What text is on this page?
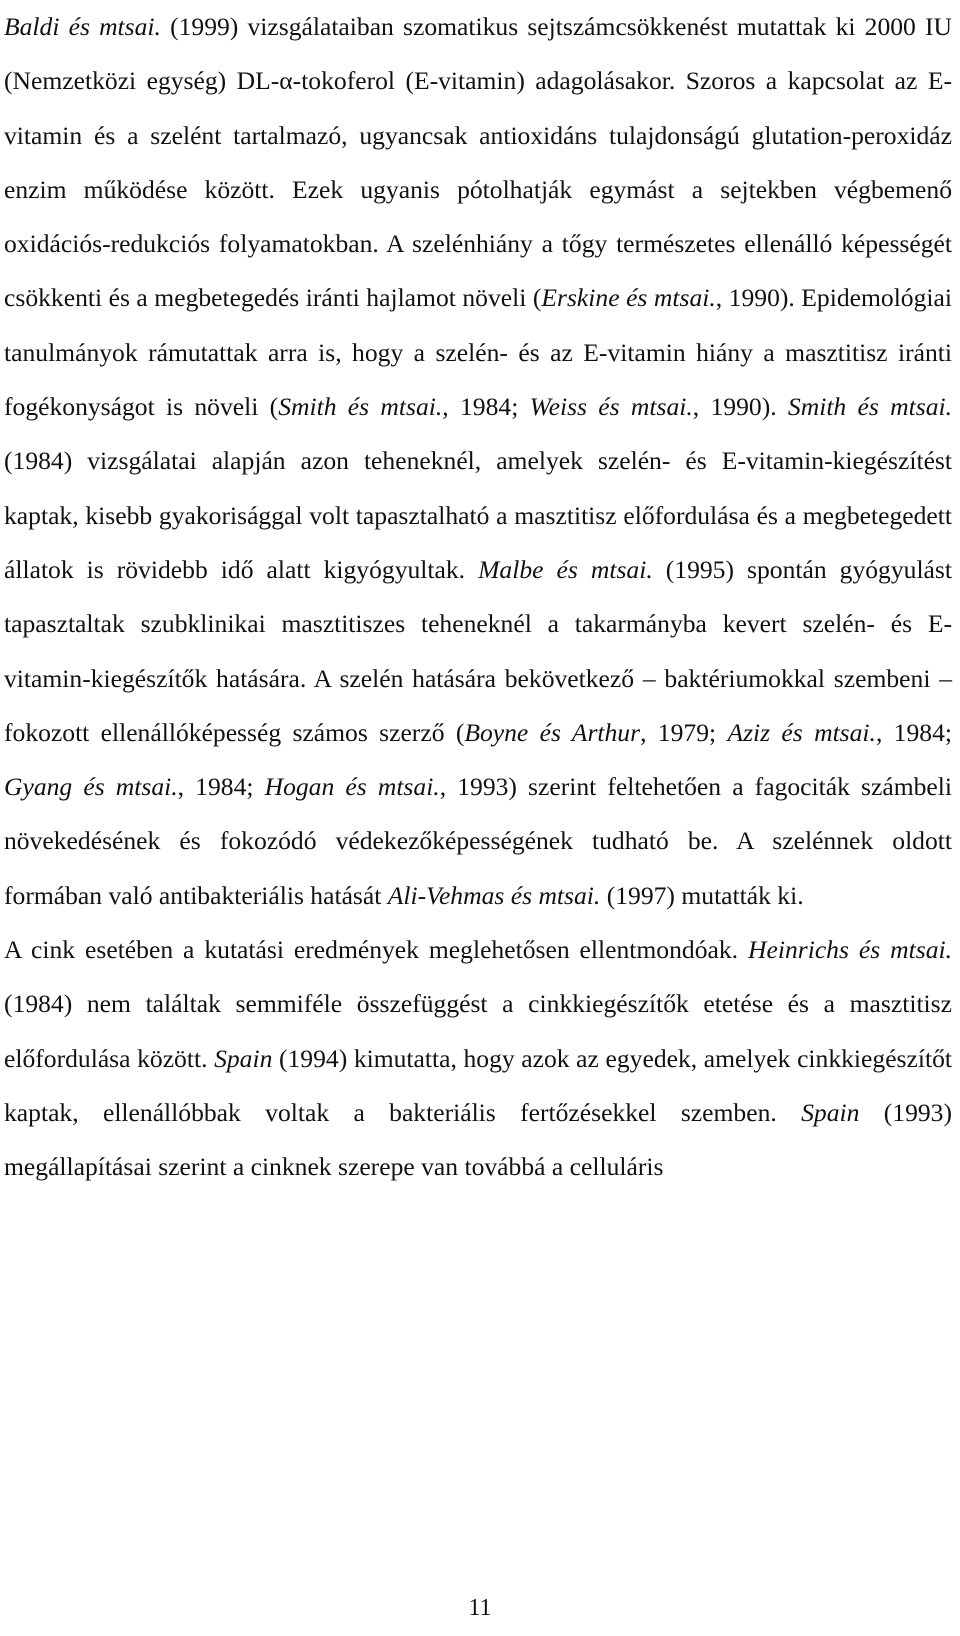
Baldi és mtsai. (1999) vizsgálataiban szomatikus sejtszámcsökkenést mutattak ki 2000 IU (Nemzetközi egység) DL-α-tokoferol (E-vitamin) adagolásakor. Szoros a kapcsolat az E-vitamin és a szelént tartalmazó, ugyancsak antioxidáns tulajdonságú glutation-peroxidáz enzim működése között. Ezek ugyanis pótolhatják egymást a sejtekben végbemenő oxidációs-redukciós folyamatokban. A szelénhiány a tőgy természetes ellenálló képességét csökkenti és a megbetegedés iránti hajlamot növeli (Erskine és mtsai., 1990). Epidemológiai tanulmányok rámutattak arra is, hogy a szelén- és az E-vitamin hiány a masztitisz iránti fogékonyságot is növeli (Smith és mtsai., 1984; Weiss és mtsai., 1990). Smith és mtsai. (1984) vizsgálatai alapján azon teheneknél, amelyek szelén- és E-vitamin-kiegészítést kaptak, kisebb gyakorisággal volt tapasztalható a masztitisz előfordulása és a megbetegedett állatok is rövidebb idő alatt kigyógyultak. Malbe és mtsai. (1995) spontán gyógyulást tapasztaltak szubklinikai masztitiszes teheneknél a takarmányba kevert szelén- és E-vitamin-kiegészítők hatására. A szelén hatására bekövetkező – baktériumokkal szembeni – fokozott ellenállóképesség számos szerző (Boyne és Arthur, 1979; Aziz és mtsai., 1984; Gyang és mtsai., 1984; Hogan és mtsai., 1993) szerint feltehetően a fagociták számbeli növekedésének és fokozódó védekezőképességének tudható be. A szelénnek oldott formában való antibakteriális hatását Ali-Vehmas és mtsai. (1997) mutatták ki.

A cink esetében a kutatási eredmények meglehetősen ellentmondóak. Heinrichs és mtsai. (1984) nem találtak semmiféle összefüggést a cinkkiegészítők etetése és a masztitisz előfordulása között. Spain (1994) kimutatta, hogy azok az egyedek, amelyek cinkkiegészítőt kaptak, ellenállóbbak voltak a bakteriális fertőzésekkel szemben. Spain (1993) megállapításai szerint a cinknek szerepe van továbbá a celluláris

11
